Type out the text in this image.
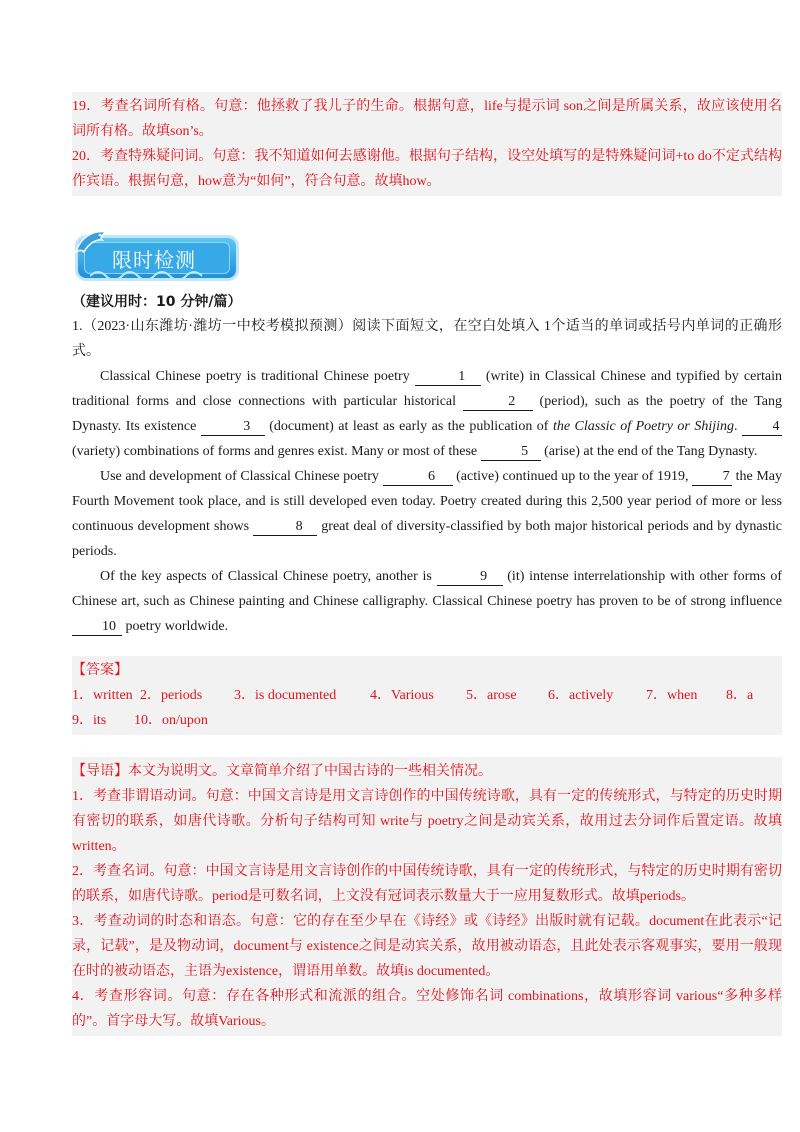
19．考查名词所有格。句意：他拯救了我儿子的生命。根据句意，life与提示词 son之间是所属关系，故应该使用名词所有格。故填son’s。

20．考查特殊疑问词。句意：我不知道如何去感谢他。根据句子结构，设空处填写的是特殊疑问词+to do不定式结构作宾语。根据句意，how意为“如何”，符合句意。故填how。

限时检测
（建议用时：10 分钟/篇）

1.（2023·山东潍坊·潍坊一中校考模拟预测）阅读下面短文，在空白处填入 1个适当的单词或括号内单词的正确形式。

Classical Chinese poetry is traditional Chinese poetry	1 (write) in Classical Chinese and typified by certain traditional forms and close connections with particular historical	2 (period), such as the poetry of the Tang Dynasty. Its existence	3 (document) at least as early as the publication of the Classic of Poetry or Shijing. 4 (variety) combinations of forms and genres exist. Many or most of these	5 (arise) at the end of the Tang Dynasty.

Use and development of Classical Chinese poetry	6 (active) continued up to the year of 1919, 7 the May Fourth Movement took place, and is still developed even today. Poetry created during this 2,500 year period of more or less continuous development shows	8 great deal of diversity-classified by both major historical periods and by dynastic periods.

Of the key aspects of Classical Chinese poetry, another is	9 (it) intense interrelationship with other forms of Chinese art, such as Chinese painting and Chinese calligraphy. Classical Chinese poetry has proven to be of strong influence 10 poetry worldwide.

【答案】

1．written 2．periods	3．is documented	4．Various	5．arose	6．actively	7．when	8．a
9．its	10．on/upon

【导语】本文为说明文。文章简单介绍了中国古诗的一些相关情况。

1．考查非谓语动词。句意：中国文言诗是用文言诗创作的中国传统诗歌，具有一定的传统形式，与特定的历史时期有密切的联系，如唐代诗歌。分析句子结构可知 write与 poetry之间是动宾关系，故用过去分词作后置定语。故填written。

2．考查名词。句意：中国文言诗是用文言诗创作的中国传统诗歌，具有一定的传统形式，与特定的历史时期有密切的联系，如唐代诗歌。period是可数名词，上文没有冠词表示数量大于一应用复数形式。故填periods。

3．考查动词的时态和语态。句意：它的存在至少早在《诗经》或《诗经》出版时就有记载。document在此表示“记录，记载”，是及物动词，document与 existence之间是动宾关系，故用被动语态，且此处表示客观事实，要用一般现在时的被动语态，主语为existence，谓语用单数。故填is documented。

4．考查形容词。句意：存在各种形式和流派的组合。空处修饰名词 combinations，故填形容词 various“多种多样的”。首字母大写。故填Various。
